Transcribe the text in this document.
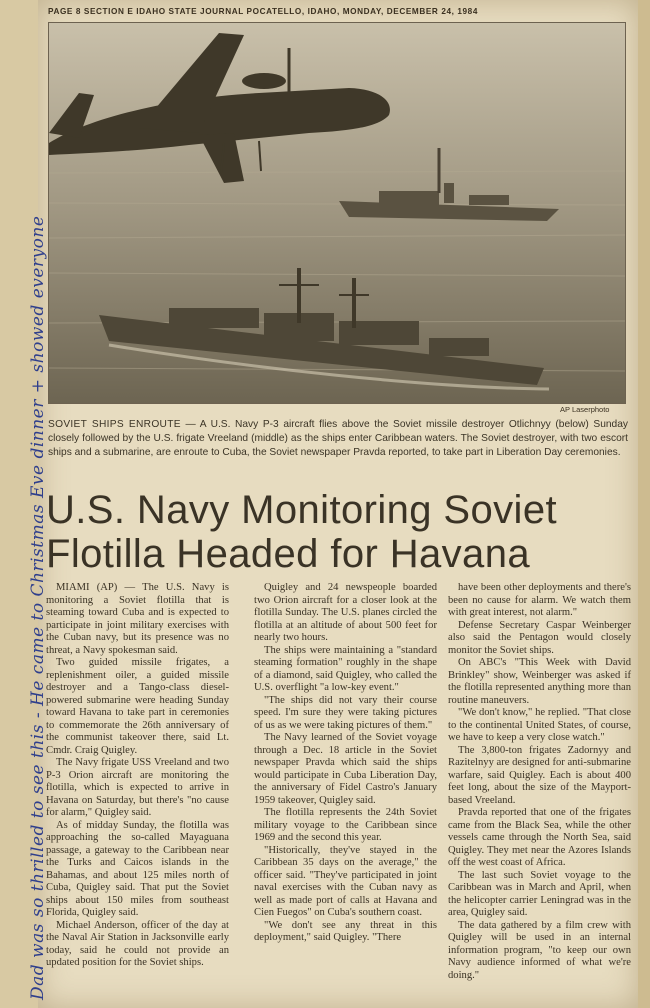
Dad was so thrilled to see this - He came to Christmas Eve dinner + showed everyone
PAGE 8 SECTION E IDAHO STATE JOURNAL POCATELLO, IDAHO, MONDAY, DECEMBER 24, 1984
AP Laserphoto
SOVIET SHIPS ENROUTE — A U.S. Navy P-3 aircraft flies above the Soviet missile destroyer Otlichnyy (below) Sunday closely followed by the U.S. frigate Vreeland (middle) as the ships enter Caribbean waters. The Soviet destroyer, with two escort ships and a submarine, are enroute to Cuba, the Soviet newspaper Pravda reported, to take part in Liberation Day ceremonies.
U.S. Navy Monitoring Soviet
Flotilla Headed for Havana

MIAMI (AP) — The U.S. Navy is monitoring a Soviet flotilla that is steaming toward Cuba and is expected to participate in joint military exercises with the Cuban navy, but its presence was no threat, a Navy spokesman said.

Two guided missile frigates, a replenishment oiler, a guided missile destroyer and a Tango-class diesel-powered submarine were heading Sunday toward Havana to take part in ceremonies to commemorate the 26th anniversary of the communist takeover there, said Lt. Cmdr. Craig Quigley.

The Navy frigate USS Vreeland and two P-3 Orion aircraft are monitoring the flotilla, which is expected to arrive in Havana on Saturday, but there's "no cause for alarm," Quigley said.

As of midday Sunday, the flotilla was approaching the so-called Mayaguana passage, a gateway to the Caribbean near the Turks and Caicos islands in the Bahamas, and about 125 miles north of Cuba, Quigley said. That put the Soviet ships about 150 miles from southeast Florida, Quigley said.

Michael Anderson, officer of the day at the Naval Air Station in Jacksonville early today, said he could not provide an updated position for the Soviet ships.

Quigley and 24 newspeople boarded two Orion aircraft for a closer look at the flotilla Sunday. The U.S. planes circled the flotilla at an altitude of about 500 feet for nearly two hours.

The ships were maintaining a "standard steaming formation" roughly in the shape of a diamond, said Quigley, who called the U.S. overflight "a low-key event."

"The ships did not vary their course speed. I'm sure they were taking pictures of us as we were taking pictures of them."

The Navy learned of the Soviet voyage through a Dec. 18 article in the Soviet newspaper Pravda which said the ships would participate in Cuba Liberation Day, the anniversary of Fidel Castro's January 1959 takeover, Quigley said.

The flotilla represents the 24th Soviet military voyage to the Caribbean since 1969 and the second this year.

"Historically, they've stayed in the Caribbean 35 days on the average," the officer said. "They've participated in joint naval exercises with the Cuban navy as well as made port of calls at Havana and Cien Fuegos" on Cuba's southern coast.

"We don't see any threat in this deployment," said Quigley. "There

have been other deployments and there's been no cause for alarm. We watch them with great interest, not alarm."

Defense Secretary Caspar Weinberger also said the Pentagon would closely monitor the Soviet ships.

On ABC's "This Week with David Brinkley" show, Weinberger was asked if the flotilla represented anything more than routine maneuvers.

"We don't know," he replied. "That close to the continental United States, of course, we have to keep a very close watch."

The 3,800-ton frigates Zadornyy and Razitelnyy are designed for anti-submarine warfare, said Quigley. Each is about 400 feet long, about the size of the Mayport-based Vreeland.

Pravda reported that one of the frigates came from the Black Sea, while the other vessels came through the North Sea, said Quigley. They met near the Azores Islands off the west coast of Africa.

The last such Soviet voyage to the Caribbean was in March and April, when the helicopter carrier Leningrad was in the area, Quigley said.

The data gathered by a film crew with Quigley will be used in an internal information program, "to keep our own Navy audience informed of what we're doing."
